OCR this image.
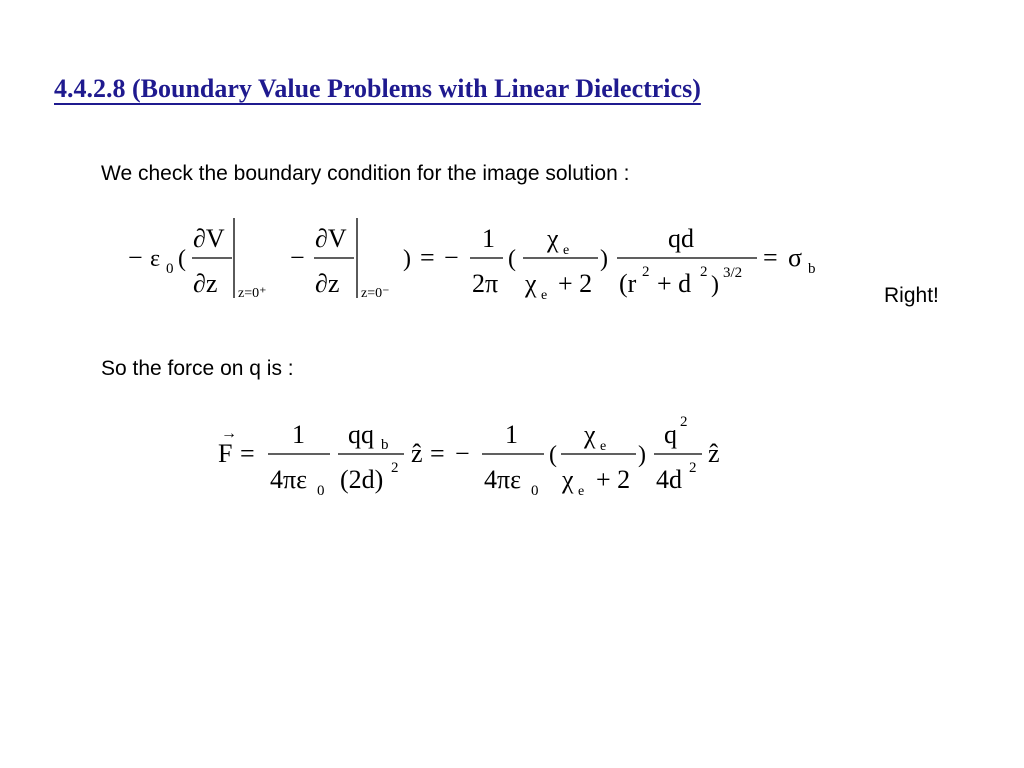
4.4.2.8 (Boundary Value Problems with Linear Dielectrics)
We check the boundary condition for the image solution :
− ε 0 (
∂V
∂z z=0⁺
−
∂V
∂z z=0⁻
) = −
1
2π
(
χ e
χ e + 2
)
qd
(r 2 + d 2 ) 3/2
= σ b
Right!
So the force on q is :
→
F =
1
4πε 0
qq b
(2d) 2 ẑ = −
1
4πε 0
(
χ e
χ e + 2
)
q 2
4d 2 ẑ
